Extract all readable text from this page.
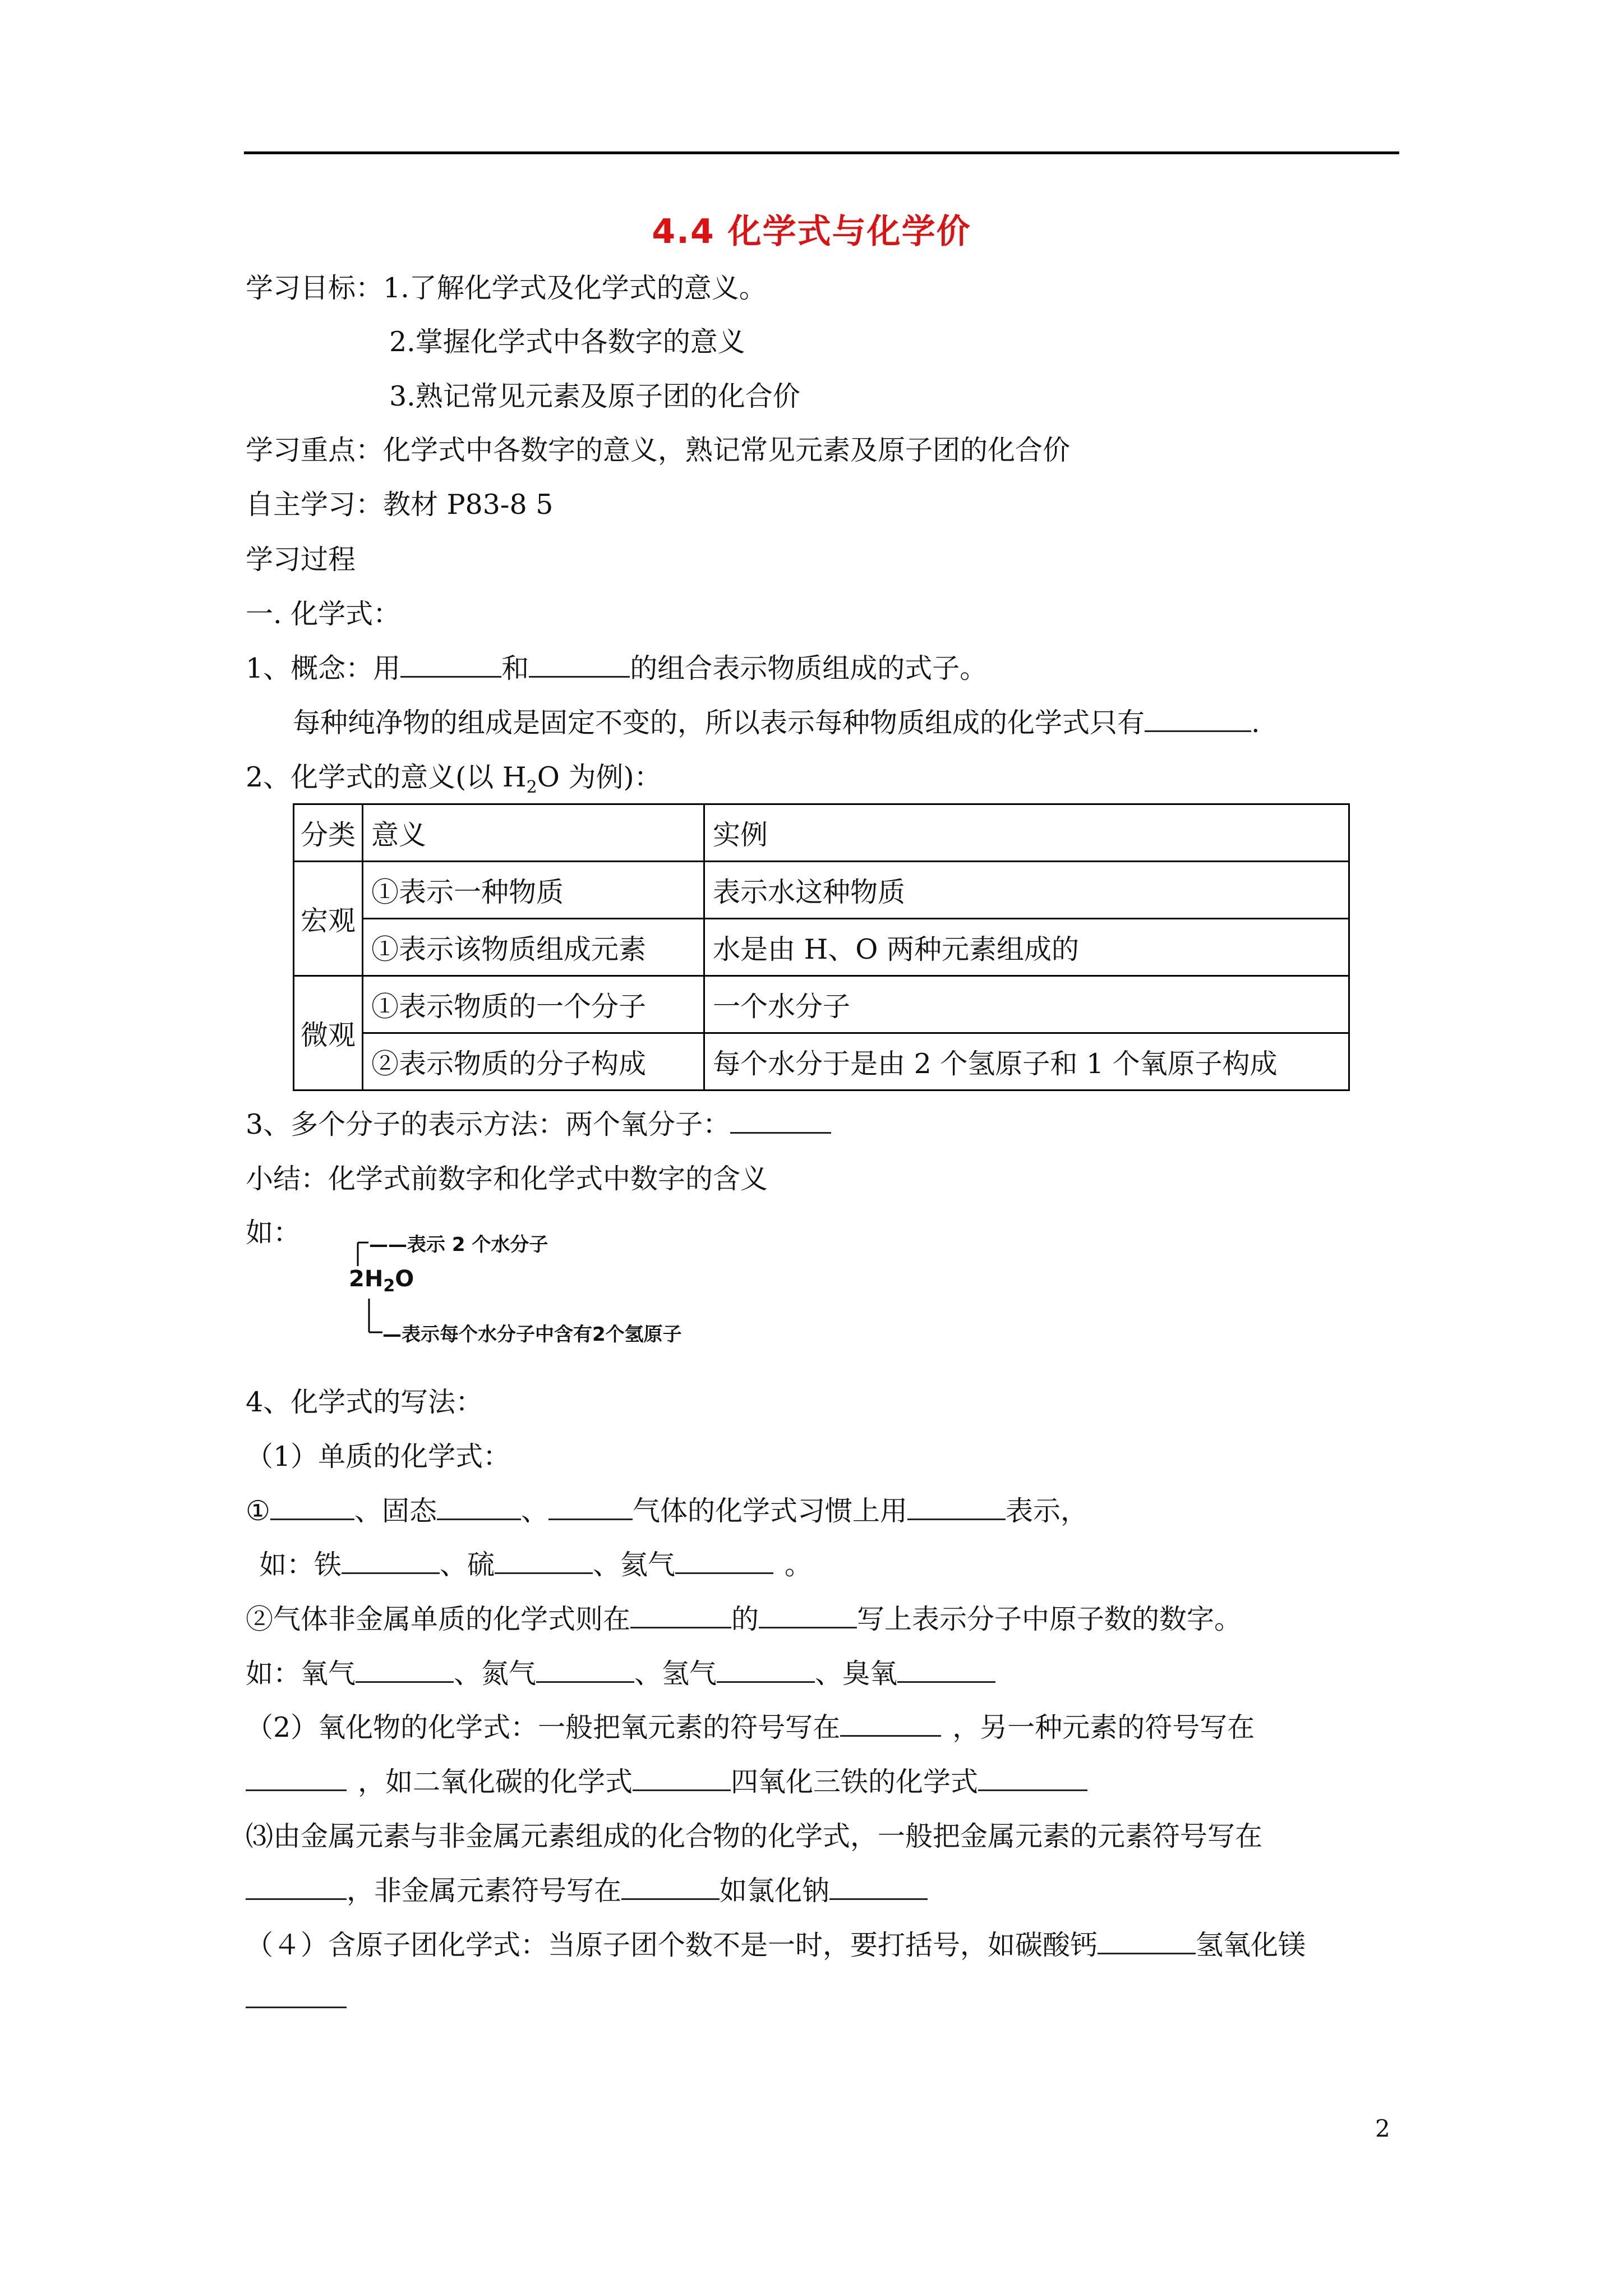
4.4 化学式与化学价
学习目标：1.了解化学式及化学式的意义。
2.掌握化学式中各数字的意义
3.熟记常见元素及原子团的化合价
学习重点：化学式中各数字的意义，熟记常见元素及原子团的化合价
自主学习：教材 P83-8 5
学习过程
一. 化学式：
1、概念：用	和	的组合表示物质组成的式子。
每种纯净物的组成是固定不变的，所以表示每种物质组成的化学式只有	.
2、化学式的意义(以 $H_2O$ 为例)：
分类	意义	实例
宏观	①表示一种物质	表示水这种物质
	①表示该物质组成元素	水是由 H、O 两种元素组成的
微观	①表示物质的一个分子	一个水分子
	②表示物质的分子构成	每个水分于是由 2 个氢原子和 1 个氧原子构成
3、多个分子的表示方法：两个氧分子：
小结：化学式前数字和化学式中数字的含义
如：	——表示 2 个水分子
$2H_2O$
—表示每个水分子中含有2个氢原子
4、化学式的写法：
（1）单质的化学式：
①	、固态	、	气体的化学式习惯上用	表示，
如：铁	、硫	、氦气	。
②气体非金属单质的化学式则在	的	写上表示分子中原子数的数字。
如：氧气	、氮气	、氢气	、臭氧
（2）氧化物的化学式：一般把氧元素的符号写在	，另一种元素的符号写在
，如二氧化碳的化学式	四氧化三铁的化学式
⑶由金属元素与非金属元素组成的化合物的化学式，一般把金属元素的元素符号写在
，非金属元素符号写在	如氯化钠
（４）含原子团化学式：当原子团个数不是一时，要打括号，如碳酸钙	氢氧化镁
2
